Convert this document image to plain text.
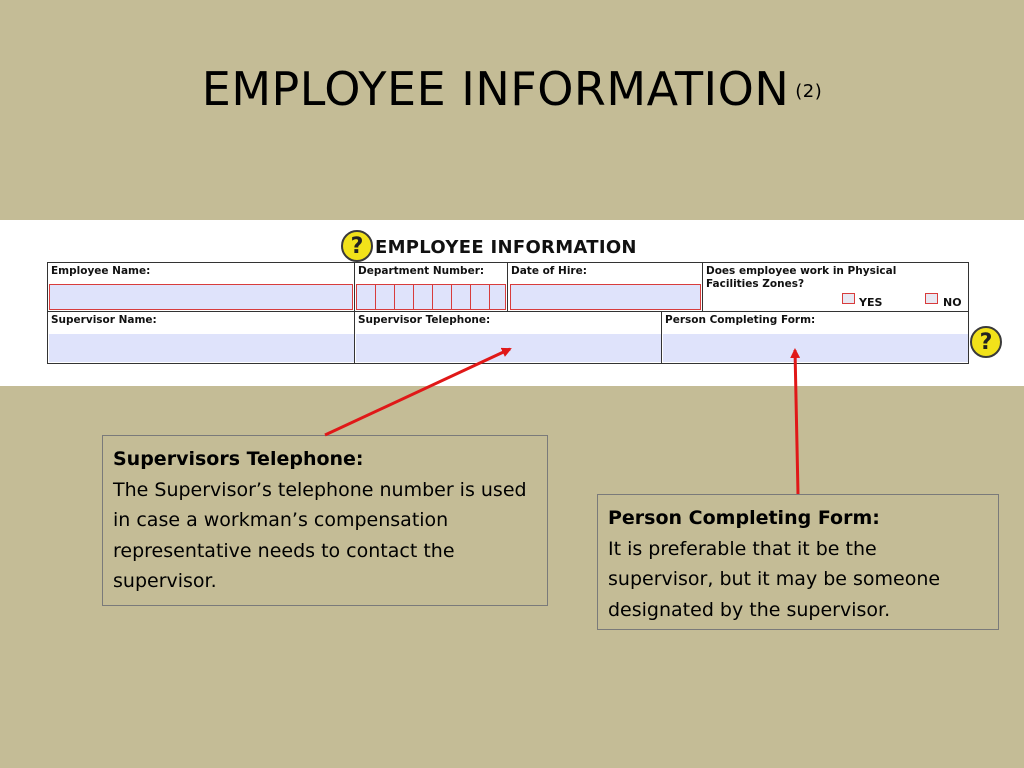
EMPLOYEE INFORMATION $^{(2)}$
? EMPLOYEE INFORMATION
Employee Name:	Department Number:	Date of Hire:	Does employee work in Physical Facilities Zones?
YES	NO
Supervisor Name:	Supervisor Telephone:	Person Completing Form:
?
Supervisors Telephone:
The Supervisor’s telephone number is used in case a workman’s compensation representative needs to contact the supervisor.
Person Completing Form:
It is preferable that it be the supervisor, but it may be someone designated by the supervisor.
